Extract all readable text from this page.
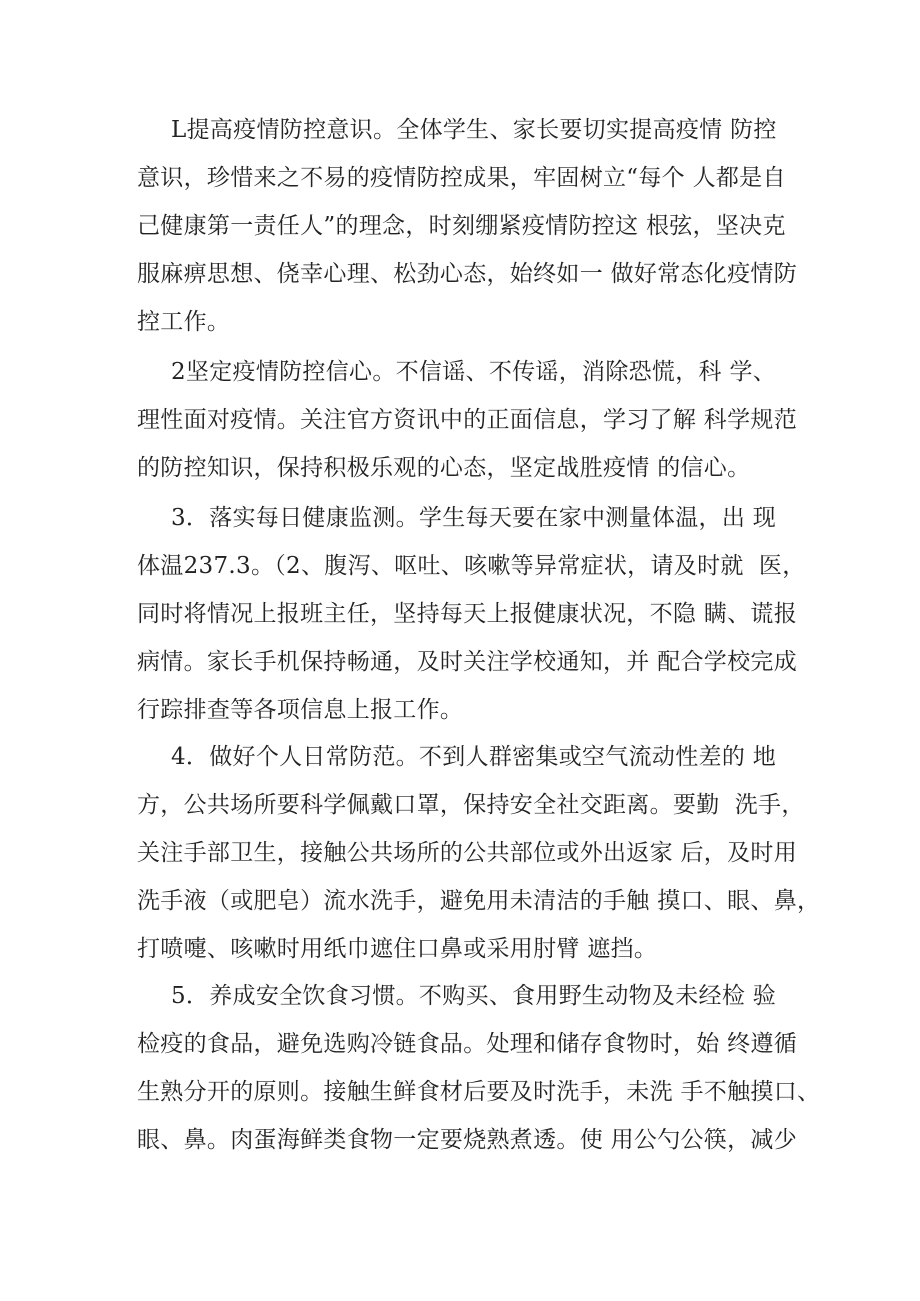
L提高疫情防控意识。全体学生、家长要切实提高疫情 防控
意识，珍惜来之不易的疫情防控成果，牢固树立“每个 人都是自
己健康第一责任人”的理念，时刻绷紧疫情防控这 根弦，坚决克
服麻痹思想、侥幸心理、松劲心态，始终如一 做好常态化疫情防
控工作。
2坚定疫情防控信心。不信谣、不传谣，消除恐慌，科 学、
理性面对疫情。关注官方资讯中的正面信息，学习了解 科学规范
的防控知识，保持积极乐观的心态，坚定战胜疫情 的信心。
3．落实每日健康监测。学生每天要在家中测量体温，出 现
体温237.3。（2、腹泻、呕吐、咳嗽等异常症状，请及时就  医，
同时将情况上报班主任，坚持每天上报健康状况，不隐 瞒、谎报
病情。家长手机保持畅通，及时关注学校通知，并 配合学校完成
行踪排查等各项信息上报工作。
4．做好个人日常防范。不到人群密集或空气流动性差的 地
方，公共场所要科学佩戴口罩，保持安全社交距离。要勤  洗手，
关注手部卫生，接触公共场所的公共部位或外出返家 后，及时用
洗手液（或肥皂）流水洗手，避免用未清洁的手触 摸口、眼、鼻，
打喷嚏、咳嗽时用纸巾遮住口鼻或采用肘臂 遮挡。
5．养成安全饮食习惯。不购买、食用野生动物及未经检 验
检疫的食品，避免选购冷链食品。处理和储存食物时，始 终遵循
生熟分开的原则。接触生鲜食材后要及时洗手，未洗 手不触摸口、
眼、鼻。肉蛋海鲜类食物一定要烧熟煮透。使 用公勺公筷，减少
